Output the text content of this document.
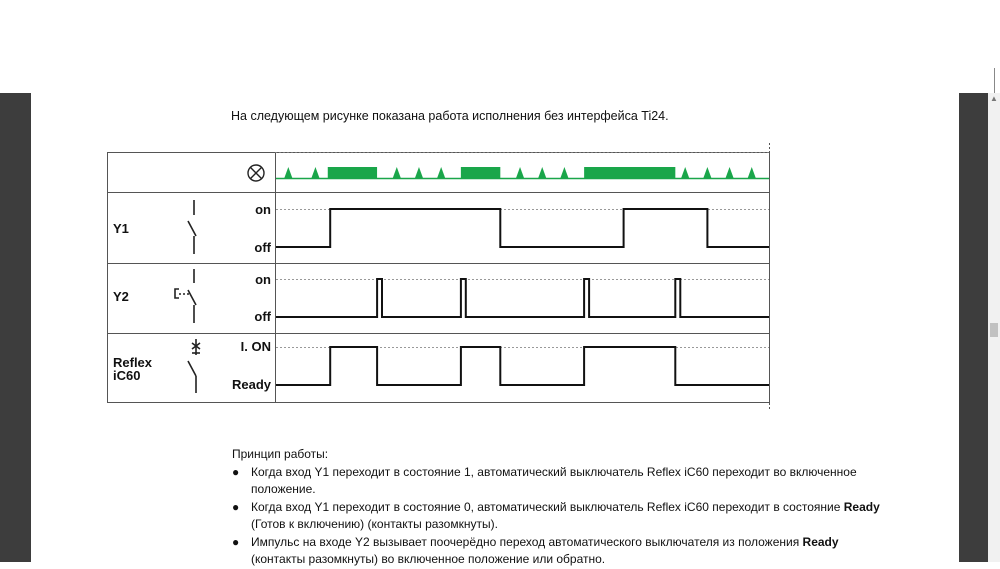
▲
На следующем рисунке показана работа исполнения без интерфейса Ti24.
Y1
on
off
Y2
on
off
Reflex iC60
I. ON
Ready
Принцип работы:
● Когда вход Y1 переходит в состояние 1, автоматический выключатель Reflex iC60 переходит во включенное положение.
● Когда вход Y1 переходит в состояние 0, автоматический выключатель Reflex iC60 переходит в состояние Ready (Готов к включению) (контакты разомкнуты).
● Импульс на входе Y2 вызывает поочерёдно переход автоматического выключателя из положения Ready (контакты разомкнуты) во включенное положение или обратно.
